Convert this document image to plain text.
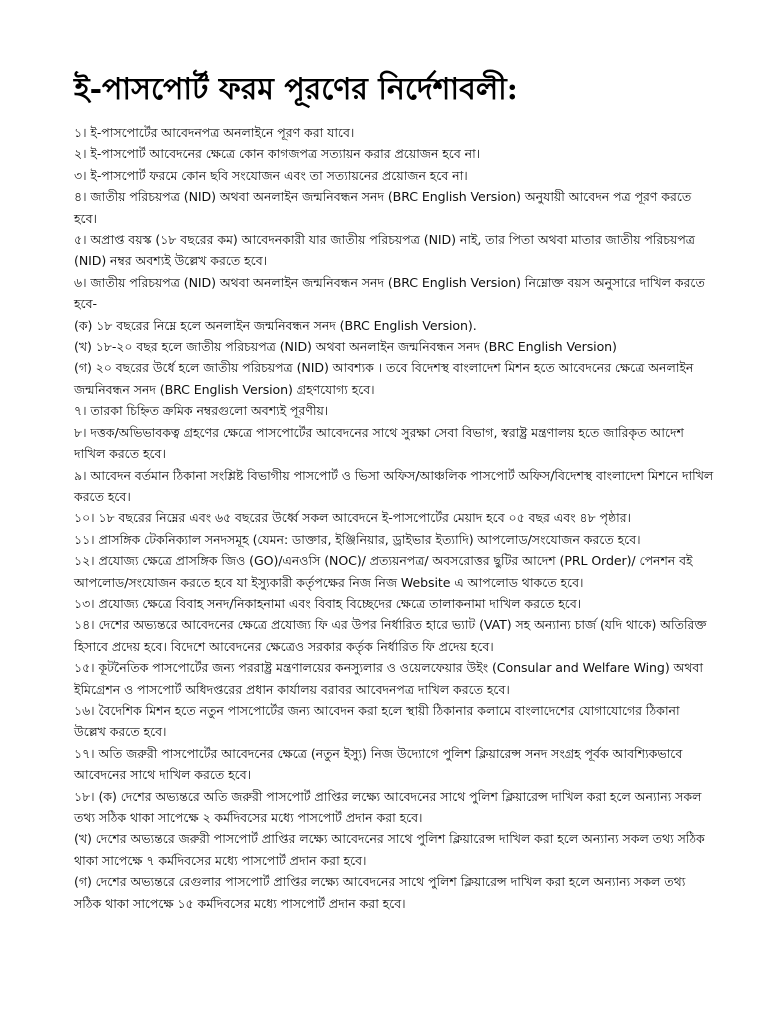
ই-পাসপোর্ট ফরম পূরণের নির্দেশাবলী:

১। ই-পাসপোর্টের আবেদনপত্র অনলাইনে পূরণ করা যাবে।

২। ই-পাসপোর্ট আবেদনের ক্ষেত্রে কোন কাগজপত্র সত্যায়ন করার প্রয়োজন হবে না।

৩। ই-পাসপোর্ট ফরমে কোন ছবি সংযোজন এবং তা সত্যায়নের প্রয়োজন হবে না।

৪। জাতীয় পরিচয়পত্র (NID) অথবা অনলাইন জন্মনিবন্ধন সনদ (BRC English Version) অনুযায়ী আবেদন পত্র পূরণ করতে হবে।

৫। অপ্রাপ্ত বয়স্ক (১৮ বছরের কম) আবেদনকারী যার জাতীয় পরিচয়পত্র (NID) নাই, তার পিতা অথবা মাতার জাতীয় পরিচয়পত্র (NID) নম্বর অবশ্যই উল্লেখ করতে হবে।

৬। জাতীয় পরিচয়পত্র (NID) অথবা অনলাইন জন্মনিবন্ধন সনদ (BRC English Version) নিম্নোক্ত বয়স অনুসারে দাখিল করতে হবে-

(ক) ১৮ বছরের নিম্নে হলে অনলাইন জন্মনিবন্ধন সনদ (BRC English Version).

(খ) ১৮-২০ বছর হলে জাতীয় পরিচয়পত্র (NID) অথবা অনলাইন জন্মনিবন্ধন সনদ (BRC English Version)

(গ) ২০ বছরের উর্ধে হলে জাতীয় পরিচয়পত্র (NID) আবশ্যক । তবে বিদেশস্থ বাংলাদেশ মিশন হতে আবেদনের ক্ষেত্রে অনলাইন জন্মনিবন্ধন সনদ (BRC English Version) গ্রহণযোগ্য হবে।

৭। তারকা চিহ্নিত ক্রমিক নম্বরগুলো অবশ্যই পূরণীয়।

৮। দত্তক/অভিভাবকত্ব গ্রহণের ক্ষেত্রে পাসপোর্টের আবেদনের সাথে সুরক্ষা সেবা বিভাগ, স্বরাষ্ট্র মন্ত্রণালয় হতে জারিকৃত আদেশ দাখিল করতে হবে।

৯। আবেদন বর্তমান ঠিকানা সংশ্লিষ্ট বিভাগীয় পাসপোর্ট ও ভিসা অফিস/আঞ্চলিক পাসপোর্ট অফিস/বিদেশস্থ বাংলাদেশ মিশনে দাখিল করতে হবে।

১০। ১৮ বছরের নিম্নের এবং ৬৫ বছরের উর্ধ্বে সকল আবেদনে ই-পাসপোর্টের মেয়াদ হবে ০৫ বছর এবং ৪৮ পৃষ্ঠার।

১১। প্রাসঙ্গিক টেকনিক্যাল সনদসমূহ (যেমন: ডাক্তার, ইঞ্জিনিয়ার, ড্রাইভার ইত্যাদি) আপলোড/সংযোজন করতে হবে।

১২। প্রযোজ্য ক্ষেত্রে প্রাসঙ্গিক জিও (GO)/এনওসি (NOC)/ প্রত্যয়নপত্র/ অবসরোত্তর ছুটির আদেশ (PRL Order)/ পেনশন বই আপলোড/সংযোজন করতে হবে যা ইস্যুকারী কর্তৃপক্ষের নিজ নিজ Website এ আপলোড থাকতে হবে।

১৩। প্রযোজ্য ক্ষেত্রে বিবাহ সনদ/নিকাহনামা এবং বিবাহ বিচ্ছেদের ক্ষেত্রে তালাকনামা দাখিল করতে হবে।

১৪। দেশের অভ্যন্তরে আবেদনের ক্ষেত্রে প্রযোজ্য ফি এর উপর নির্ধারিত হারে ভ্যাট (VAT) সহ অন্যান্য চার্জ (যদি থাকে) অতিরিক্ত হিসাবে প্রদেয় হবে। বিদেশে আবেদনের ক্ষেত্রেও সরকার কর্তৃক নির্ধারিত ফি প্রদেয় হবে।

১৫। কূটনৈতিক পাসপোর্টের জন্য পররাষ্ট্র মন্ত্রণালয়ের কনস্যুলার ও ওয়েলফেয়ার উইং (Consular and Welfare Wing) অথবা ইমিগ্রেশন ও পাসপোর্ট অধিদপ্তরের প্রধান কার্যালয় বরাবর আবেদনপত্র দাখিল করতে হবে।

১৬। বৈদেশিক মিশন হতে নতুন পাসপোর্টের জন্য আবেদন করা হলে স্থায়ী ঠিকানার কলামে বাংলাদেশের যোগাযোগের ঠিকানা উল্লেখ করতে হবে।

১৭। অতি জরুরী পাসপোর্টের আবেদনের ক্ষেত্রে (নতুন ইস্যু) নিজ উদ্যোগে পুলিশ ক্লিয়ারেন্স সনদ সংগ্রহ পূর্বক আবশ্যিকভাবে আবেদনের সাথে দাখিল করতে হবে।

১৮। (ক) দেশের অভ্যন্তরে অতি জরুরী পাসপোর্ট প্রাপ্তির লক্ষ্যে আবেদনের সাথে পুলিশ ক্লিয়ারেন্স দাখিল করা হলে অন্যান্য সকল তথ্য সঠিক থাকা সাপেক্ষে ২ কর্মদিবসের মধ্যে পাসপোর্ট প্রদান করা হবে।

(খ) দেশের অভ্যন্তরে জরুরী পাসপোর্ট প্রাপ্তির লক্ষ্যে আবেদনের সাথে পুলিশ ক্লিয়ারেন্স দাখিল করা হলে অন্যান্য সকল তথ্য সঠিক থাকা সাপেক্ষে ৭ কর্মদিবসের মধ্যে পাসপোর্ট প্রদান করা হবে।

(গ) দেশের অভ্যন্তরে রেগুলার পাসপোর্ট প্রাপ্তির লক্ষ্যে আবেদনের সাথে পুলিশ ক্লিয়ারেন্স দাখিল করা হলে অন্যান্য সকল তথ্য সঠিক থাকা সাপেক্ষে ১৫ কর্মদিবসের মধ্যে পাসপোর্ট প্রদান করা হবে।
